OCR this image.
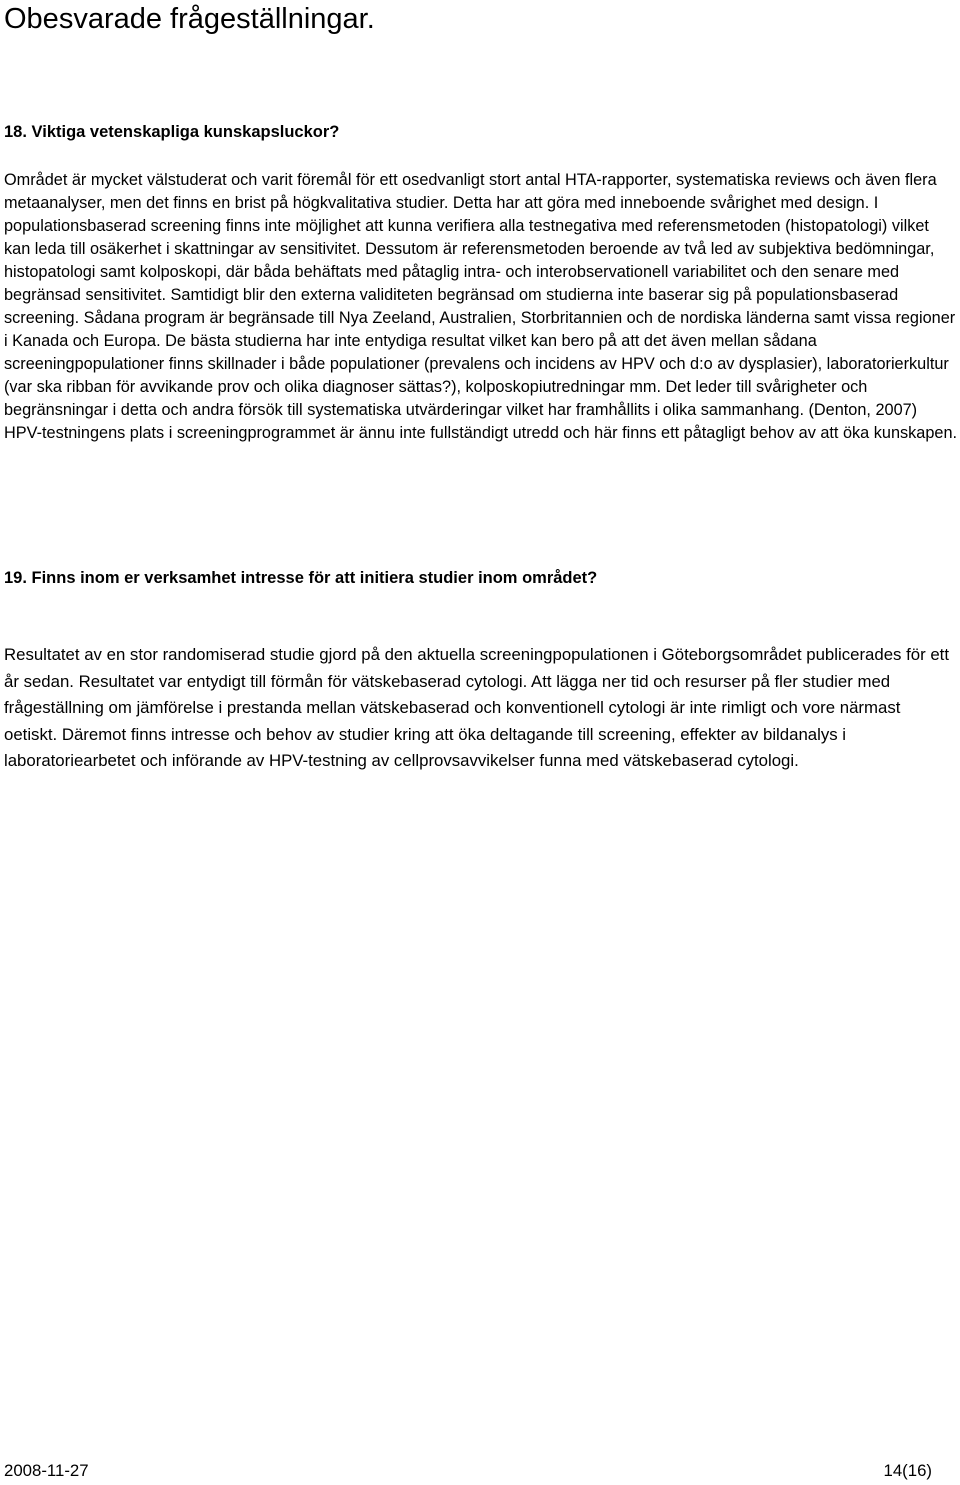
Obesvarade frågeställningar.
18. Viktiga vetenskapliga kunskapsluckor?

Området är mycket välstuderat och varit föremål för ett osedvanligt stort antal HTA-rapporter, systematiska reviews och även flera metaanalyser, men det finns en brist på högkvalitativa studier. Detta har att göra med inneboende svårighet med design. I populationsbaserad screening finns inte möjlighet att kunna verifiera alla testnegativa med referensmetoden (histopatologi) vilket kan leda till osäkerhet i skattningar av sensitivitet. Dessutom är referensmetoden beroende av två led av subjektiva bedömningar, histopatologi samt kolposkopi, där båda behäftats med påtaglig intra- och interobservationell variabilitet och den senare med begränsad sensitivitet. Samtidigt blir den externa validiteten begränsad om studierna inte baserar sig på populationsbaserad screening. Sådana program är begränsade till Nya Zeeland, Australien, Storbritannien och de nordiska länderna samt vissa regioner i Kanada och Europa. De bästa studierna har inte entydiga resultat vilket kan bero på att det även mellan sådana screeningpopulationer finns skillnader i både populationer (prevalens och incidens av HPV och d:o av dysplasier), laboratorierkultur (var ska ribban för avvikande prov och olika diagnoser sättas?), kolposkopiutredningar mm. Det leder till svårigheter och begränsningar i detta och andra försök till systematiska utvärderingar vilket har framhållits i olika sammanhang. (Denton, 2007) HPV-testningens plats i screeningprogrammet är ännu inte fullständigt utredd och här finns ett påtagligt behov av att öka kunskapen.

19. Finns inom er verksamhet intresse för att initiera studier inom området?

Resultatet av en stor randomiserad studie gjord på den aktuella screeningpopulationen i Göteborgsområdet publicerades för ett år sedan. Resultatet var entydigt till förmån för vätskebaserad cytologi. Att lägga ner tid och resurser på fler studier med frågeställning om jämförelse i prestanda mellan vätskebaserad och konventionell cytologi är inte rimligt och vore närmast oetiskt. Däremot finns intresse och behov av studier kring att öka deltagande till screening, effekter av bildanalys i laboratoriearbetet och införande av HPV-testning av cellprovsavvikelser funna med vätskebaserad cytologi.

2008-11-27	14(16)
